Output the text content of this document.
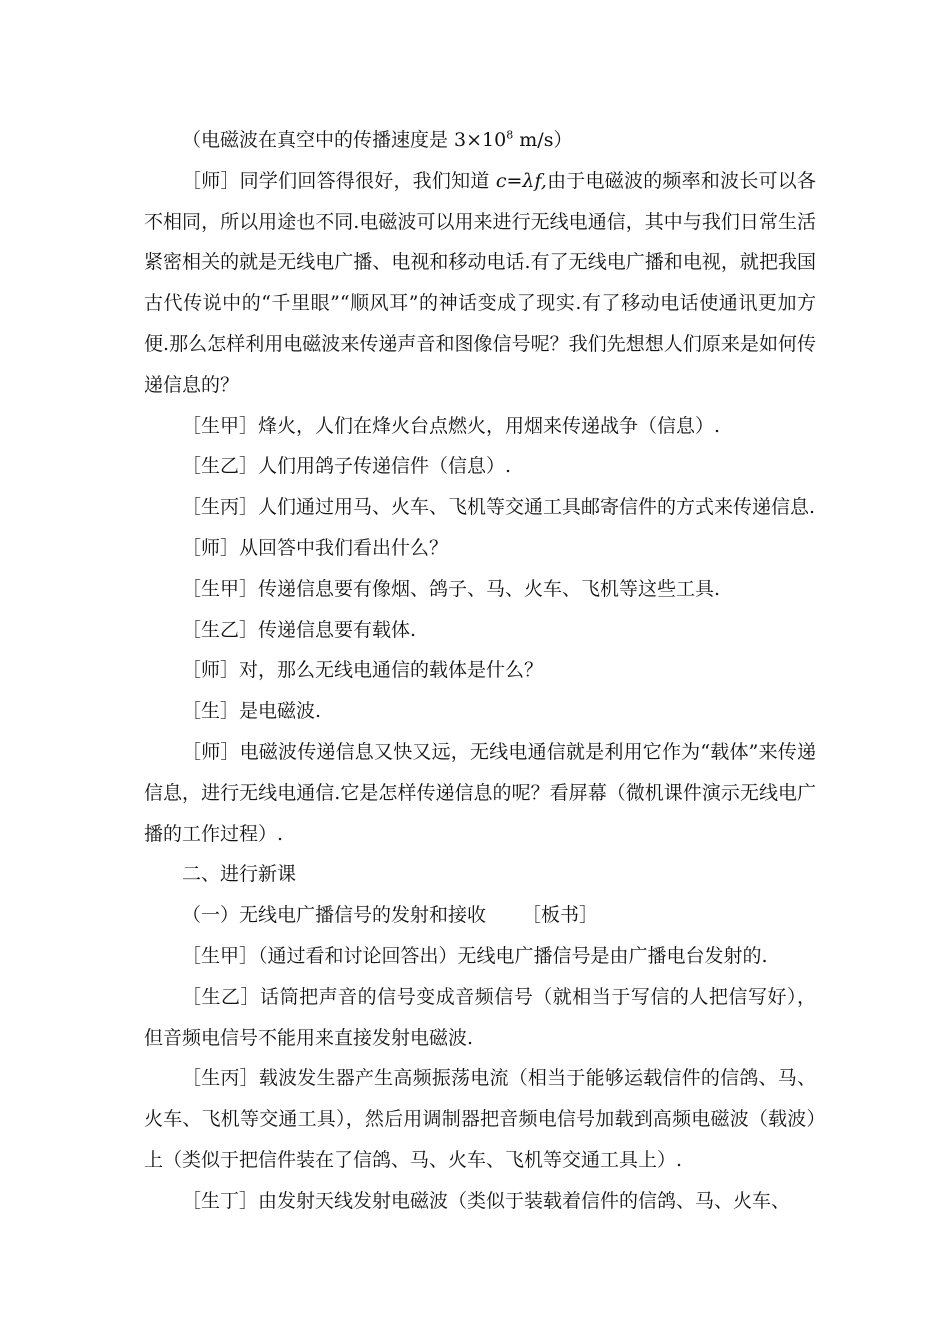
（电磁波在真空中的传播速度是 $3\times 10^8$ m/s）

［师］同学们回答得很好，我们知道 c=λf,由于电磁波的频率和波长可以各不相同，所以用途也不同.电磁波可以用来进行无线电通信，其中与我们日常生活紧密相关的就是无线电广播、电视和移动电话.有了无线电广播和电视，就把我国古代传说中的“千里眼”“顺风耳”的神话变成了现实.有了移动电话使通讯更加方便.那么怎样利用电磁波来传递声音和图像信号呢？我们先想想人们原来是如何传递信息的？

［生甲］烽火，人们在烽火台点燃火，用烟来传递战争（信息）.

［生乙］人们用鸽子传递信件（信息）.

［生丙］人们通过用马、火车、飞机等交通工具邮寄信件的方式来传递信息.

［师］从回答中我们看出什么？

［生甲］传递信息要有像烟、鸽子、马、火车、飞机等这些工具.

［生乙］传递信息要有载体.

［师］对，那么无线电通信的载体是什么？

［生］是电磁波.

［师］电磁波传递信息又快又远，无线电通信就是利用它作为“载体”来传递信息，进行无线电通信.它是怎样传递信息的呢？看屏幕（微机课件演示无线电广播的工作过程）.

二、进行新课

（一）无线电广播信号的发射和接收 ［板书］

［生甲］（通过看和讨论回答出）无线电广播信号是由广播电台发射的.

［生乙］话筒把声音的信号变成音频信号（就相当于写信的人把信写好），但音频电信号不能用来直接发射电磁波.

［生丙］载波发生器产生高频振荡电流（相当于能够运载信件的信鸽、马、火车、飞机等交通工具），然后用调制器把音频电信号加载到高频电磁波（载波）上（类似于把信件装在了信鸽、马、火车、飞机等交通工具上）.

［生丁］由发射天线发射电磁波（类似于装载着信件的信鸽、马、火车、
